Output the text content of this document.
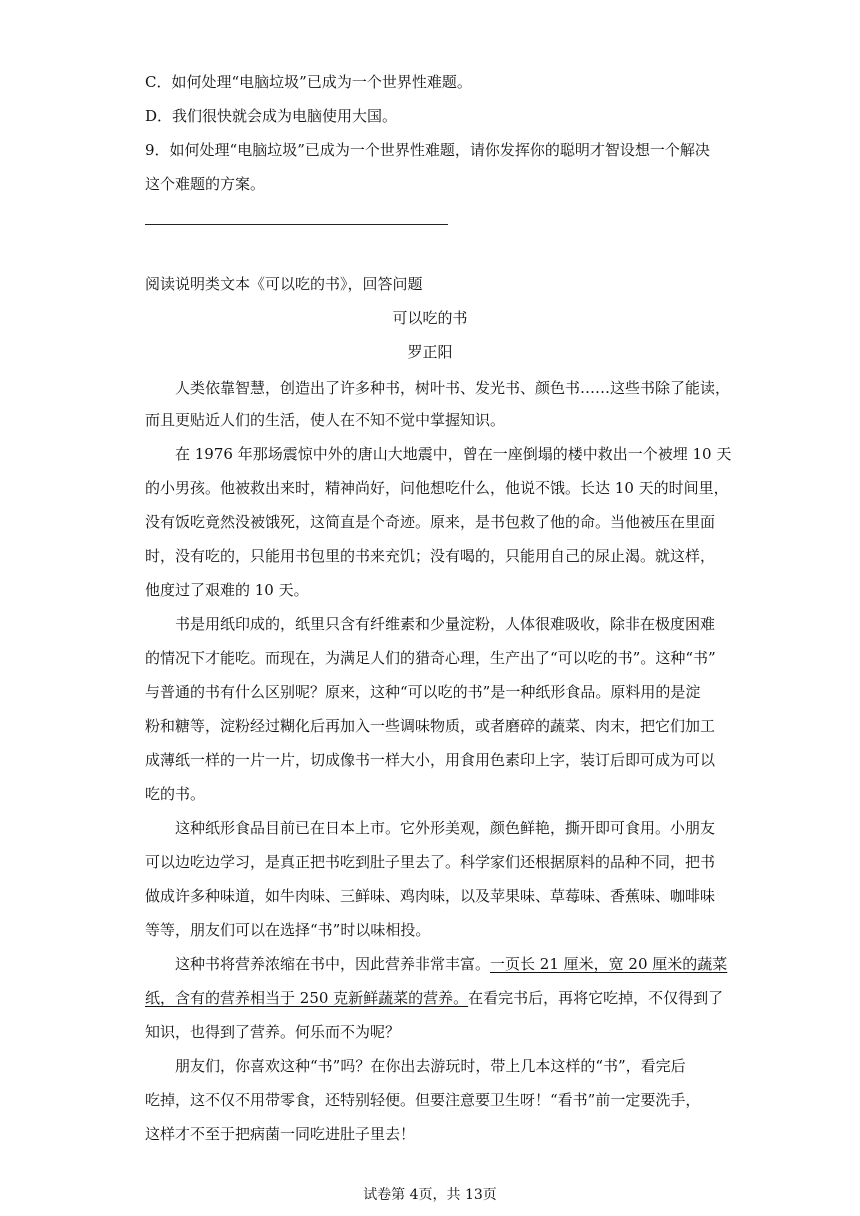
C．如何处理“电脑垃圾”已成为一个世界性难题。
D．我们很快就会成为电脑使用大国。
9．如何处理“电脑垃圾”已成为一个世界性难题，请你发挥你的聪明才智设想一个解决
这个难题的方案。
阅读说明类文本《可以吃的书》，回答问题
可以吃的书
罗正阳
人类依靠智慧，创造出了许多种书，树叶书、发光书、颜色书……这些书除了能读，
而且更贴近人们的生活，使人在不知不觉中掌握知识。
在 1976 年那场震惊中外的唐山大地震中，曾在一座倒塌的楼中救出一个被埋 10 天
的小男孩。他被救出来时，精神尚好，问他想吃什么，他说不饿。长达 10 天的时间里，
没有饭吃竟然没被饿死，这简直是个奇迹。原来，是书包救了他的命。当他被压在里面
时，没有吃的，只能用书包里的书来充饥；没有喝的，只能用自己的尿止渴。就这样，
他度过了艰难的 10 天。
书是用纸印成的，纸里只含有纤维素和少量淀粉，人体很难吸收，除非在极度困难
的情况下才能吃。而现在，为满足人们的猎奇心理，生产出了“可以吃的书”。这种“书”
与普通的书有什么区别呢？原来，这种“可以吃的书”是一种纸形食品。原料用的是淀
粉和糖等，淀粉经过糊化后再加入一些调味物质，或者磨碎的蔬菜、肉末，把它们加工
成薄纸一样的一片一片，切成像书一样大小，用食用色素印上字，装订后即可成为可以
吃的书。
这种纸形食品目前已在日本上市。它外形美观，颜色鲜艳，撕开即可食用。小朋友
可以边吃边学习，是真正把书吃到肚子里去了。科学家们还根据原料的品种不同，把书
做成许多种味道，如牛肉味、三鲜味、鸡肉味，以及苹果味、草莓味、香蕉味、咖啡味
等等，朋友们可以在选择“书”时以味相投。
这种书将营养浓缩在书中，因此营养非常丰富。一页长 21 厘米，宽 20 厘米的蔬菜
纸，含有的营养相当于 250 克新鲜蔬菜的营养。在看完书后，再将它吃掉，不仅得到了
知识，也得到了营养。何乐而不为呢？
朋友们，你喜欢这种“书”吗？在你出去游玩时，带上几本这样的“书”，看完后
吃掉，这不仅不用带零食，还特别轻便。但要注意要卫生呀！“看书”前一定要洗手，
这样才不至于把病菌一同吃进肚子里去！
试卷第 4页，共 13页
